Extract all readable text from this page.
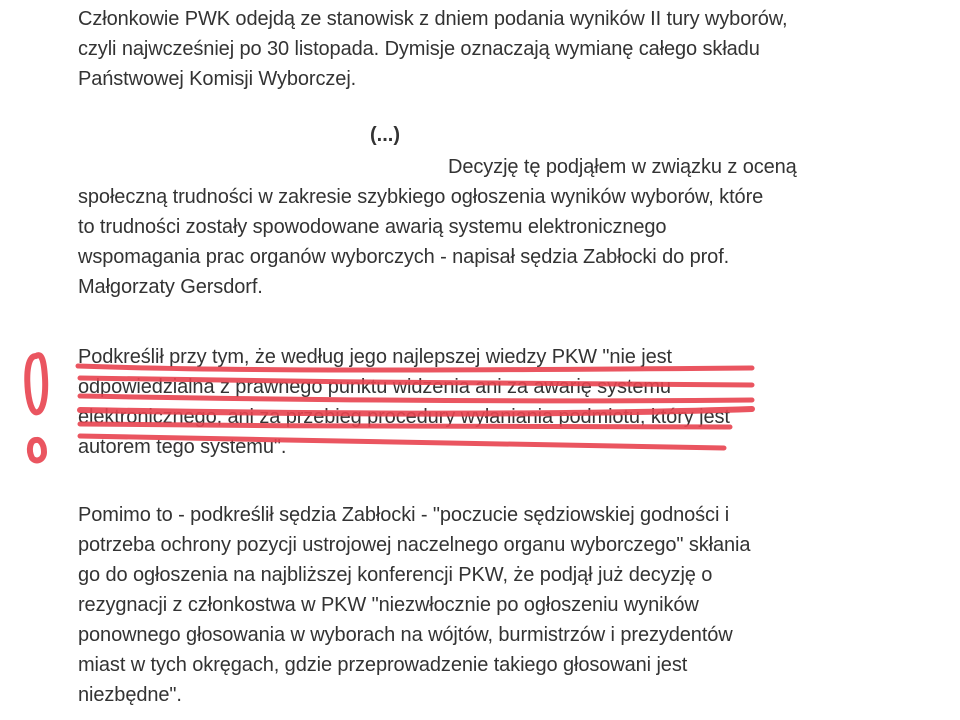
Członkowie PWK odejdą ze stanowisk z dniem podania wyników II tury wyborów,
czyli najwcześniej po 30 listopada. Dymisje oznaczają wymianę całego składu
Państwowej Komisji Wyborczej.

(...)

Decyzję tę podjąłem w związku z oceną
społeczną trudności w zakresie szybkiego ogłoszenia wyników wyborów, które
to trudności zostały spowodowane awarią systemu elektronicznego
wspomagania prac organów wyborczych - napisał sędzia Zabłocki do prof.
Małgorzaty Gersdorf.

Podkreślił przy tym, że według jego najlepszej wiedzy PKW "nie jest
odpowiedzialna z prawnego punktu widzenia ani za awarię systemu
elektronicznego, ani za przebieg procedury wyłaniania podmiotu, który jest
autorem tego systemu".

Pomimo to - podkreślił sędzia Zabłocki - "poczucie sędziowskiej godności i
potrzeba ochrony pozycji ustrojowej naczelnego organu wyborczego" skłania
go do ogłoszenia na najbliższej konferencji PKW, że podjął już decyzję o
rezygnacji z członkostwa w PKW "niezwłocznie po ogłoszeniu wyników
ponownego głosowania w wyborach na wójtów, burmistrzów i prezydentów
miast w tych okręgach, gdzie przeprowadzenie takiego głosowani jest
niezbędne".
